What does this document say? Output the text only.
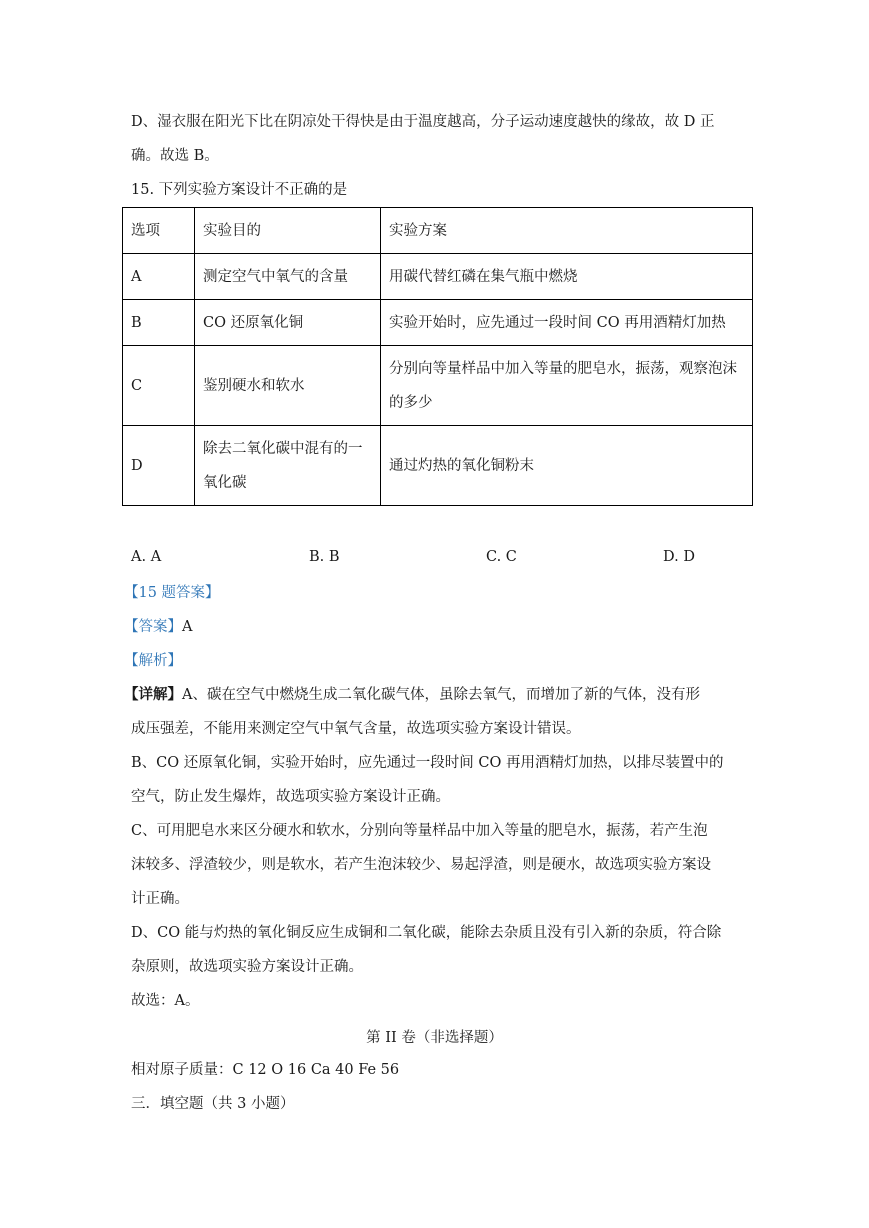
D、湿衣服在阳光下比在阴凉处干得快是由于温度越高，分子运动速度越快的缘故，故 D 正
确。故选 B。
15. 下列实验方案设计不正确的是
选项	实验目的	实验方案
A	测定空气中氧气的含量	用碳代替红磷在集气瓶中燃烧
B	CO 还原氧化铜	实验开始时，应先通过一段时间 CO 再用酒精灯加热
C	鉴别硬水和软水	分别向等量样品中加入等量的肥皂水，振荡，观察泡沫的多少
D	除去二氧化碳中混有的一氧化碳	通过灼热的氧化铜粉末
A. A	B. B	C. C	D. D
【15 题答案】
【答案】A
【解析】
【详解】A、碳在空气中燃烧生成二氧化碳气体，虽除去氧气，而增加了新的气体，没有形
成压强差，不能用来测定空气中氧气含量，故选项实验方案设计错误。
B、CO 还原氧化铜，实验开始时，应先通过一段时间 CO 再用酒精灯加热，以排尽装置中的
空气，防止发生爆炸，故选项实验方案设计正确。
C、可用肥皂水来区分硬水和软水，分别向等量样品中加入等量的肥皂水，振荡，若产生泡
沫较多、浮渣较少，则是软水，若产生泡沫较少、易起浮渣，则是硬水，故选项实验方案设
计正确。
D、CO 能与灼热的氧化铜反应生成铜和二氧化碳，能除去杂质且没有引入新的杂质，符合除
杂原则，故选项实验方案设计正确。
故选：A。
第 II 卷（非选择题）
相对原子质量：C 12 O 16 Ca 40 Fe 56
三．填空题（共 3 小题）
